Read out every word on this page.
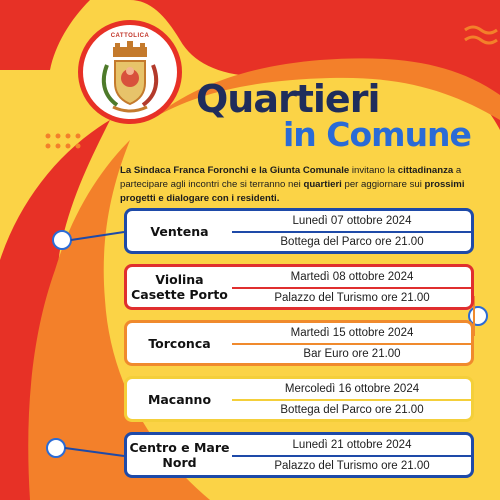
CATTOLICA
Quartieri
in Comune
La Sindaca Franca Foronchi e la Giunta Comunale invitano la cittadinanza a partecipare agli incontri che si terranno nei quartieri per aggiornare sui prossimi progetti e dialogare con i residenti.
Ventena
Lunedì 07 ottobre 2024
Bottega del Parco ore 21.00
Violina Casette Porto
Martedì 08 ottobre 2024
Palazzo del Turismo ore 21.00
Torconca
Martedì 15 ottobre 2024
Bar Euro ore 21.00
Macanno
Mercoledì 16 ottobre 2024
Bottega del Parco ore 21.00
Centro e Mare Nord
Lunedì 21 ottobre 2024
Palazzo del Turismo ore 21.00
